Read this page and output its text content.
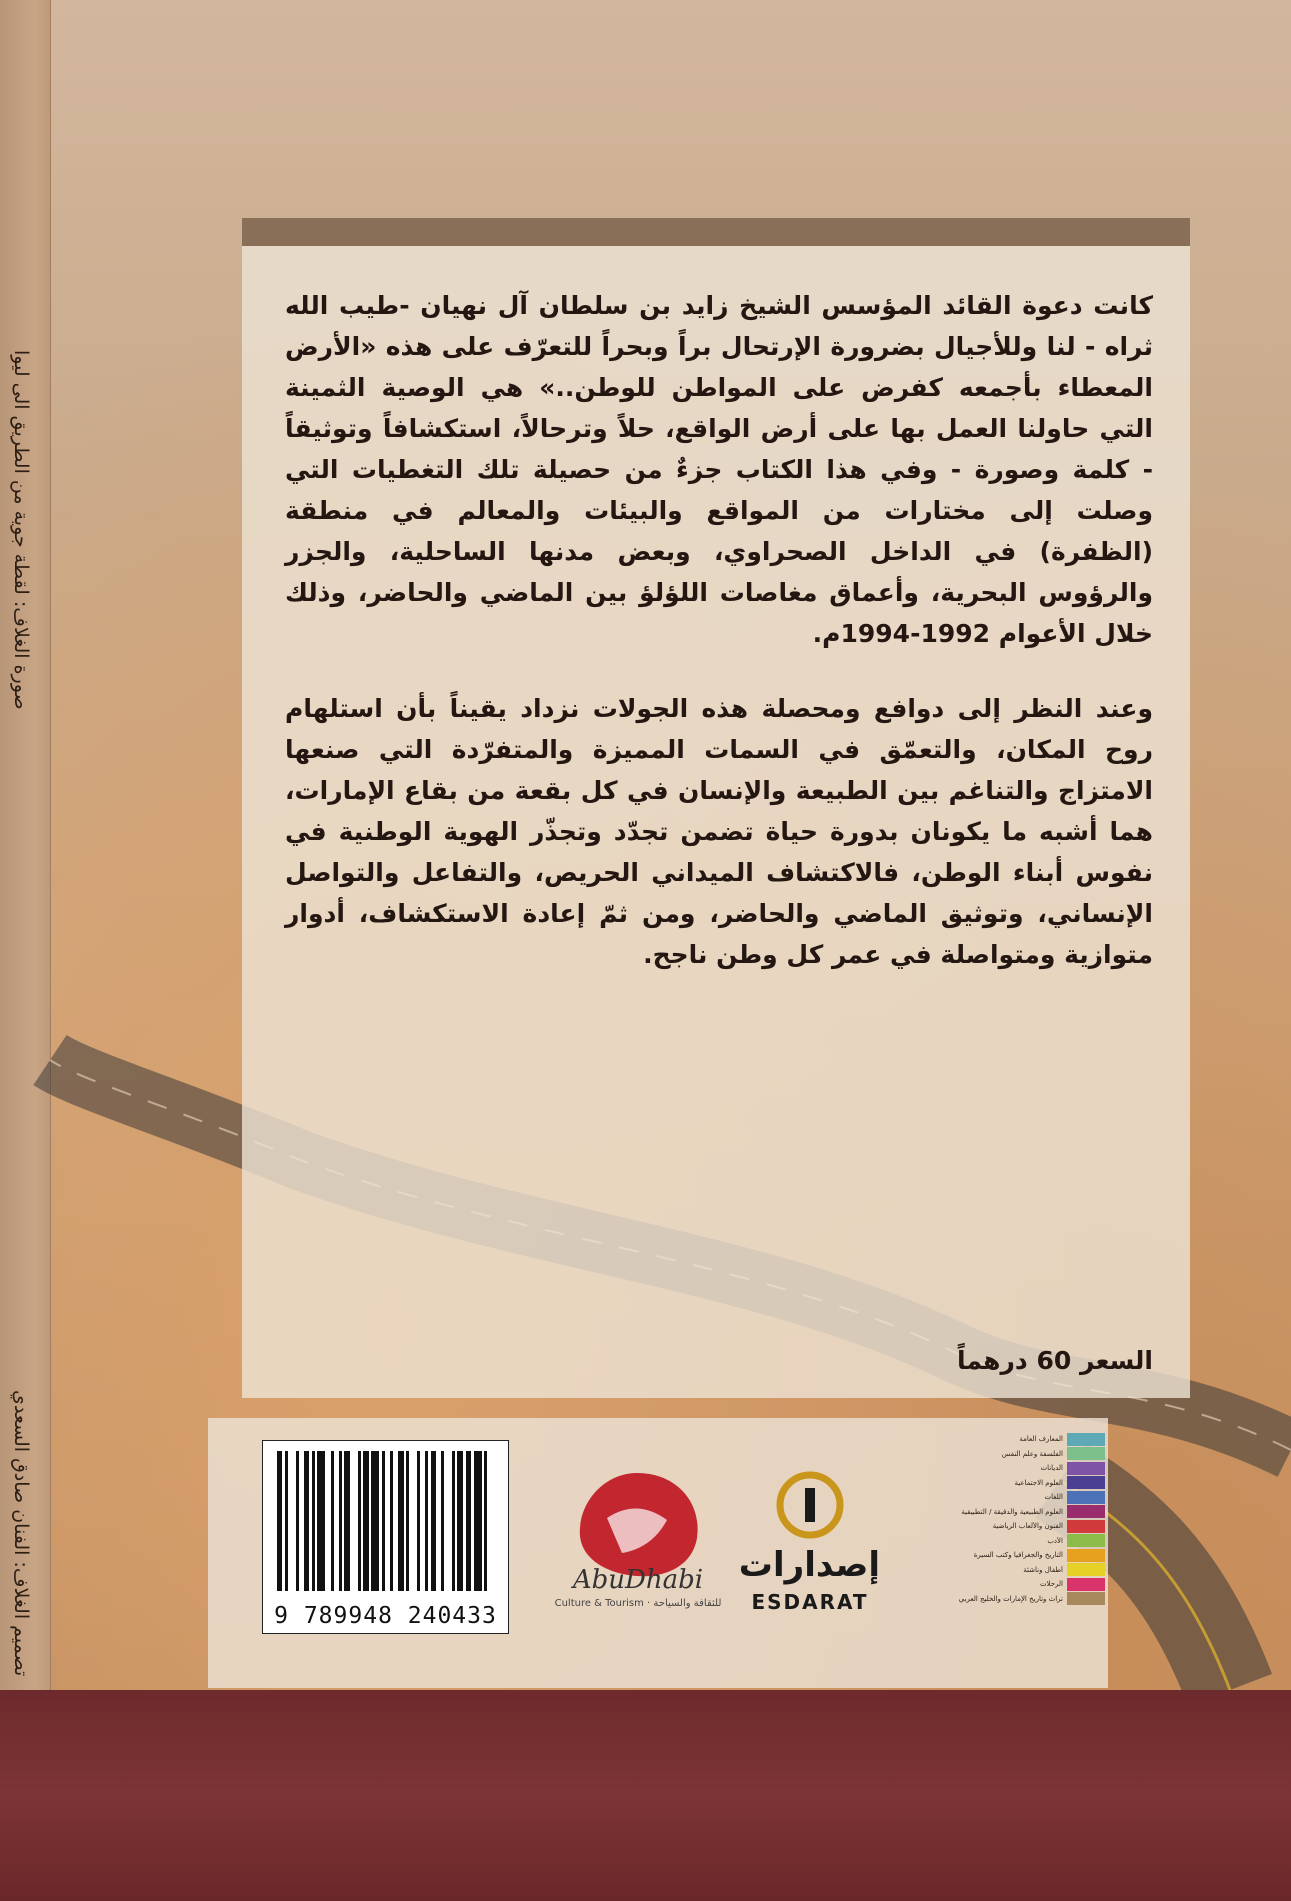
صورة الغلاف: لقطة جوية من الطريق الى ليوا
تصميم الغلاف: الفنان صادق السعدي

كانت دعوة القائد المؤسس الشيخ زايد بن سلطان آل نهيان -طيب الله ثراه - لنا وللأجيال بضرورة الإرتحال براً وبحراً للتعرّف على هذه «الأرض المعطاء بأجمعه كفرض على المواطن للوطن..» هي الوصية الثمينة التي حاولنا العمل بها على أرض الواقع، حلاً وترحالاً، استكشافاً وتوثيقاً - كلمة وصورة - وفي هذا الكتاب جزءٌ من حصيلة تلك التغطيات التي وصلت إلى مختارات من المواقع والبيئات والمعالم في منطقة (الظفرة) في الداخل الصحراوي، وبعض مدنها الساحلية، والجزر والرؤوس البحرية، وأعماق مغاصات اللؤلؤ بين الماضي والحاضر، وذلك خلال الأعوام 1992-1994م.

وعند النظر إلى دوافع ومحصلة هذه الجولات نزداد يقيناً بأن استلهام روح المكان، والتعمّق في السمات المميزة والمتفرّدة التي صنعها الامتزاج والتناغم بين الطبيعة والإنسان في كل بقعة من بقاع الإمارات، هما أشبه ما يكونان بدورة حياة تضمن تجدّد وتجذّر الهوية الوطنية في نفوس أبناء الوطن، فالاكتشاف الميداني الحريص، والتفاعل والتواصل الإنساني، وتوثيق الماضي والحاضر، ومن ثمّ إعادة الاستكشاف، أدوار متوازية ومتواصلة في عمر كل وطن ناجح.

السعر 60 درهماً
9 789948 240433
AbuDhabi
Culture & Tourism · للثقافة والسياحة
إصدارات
ESDARAT
المعارف العامة
الفلسفة وعلم النفس
الديانات
العلوم الاجتماعية
اللغات
العلوم الطبيعية والدقيقة / التطبيقية
الفنون والألعاب الرياضية
الأدب
التاريخ والجغرافيا وكتب السيرة
أطفال وناشئة
الرحلات
تراث وتاريخ الإمارات والخليج العربي
